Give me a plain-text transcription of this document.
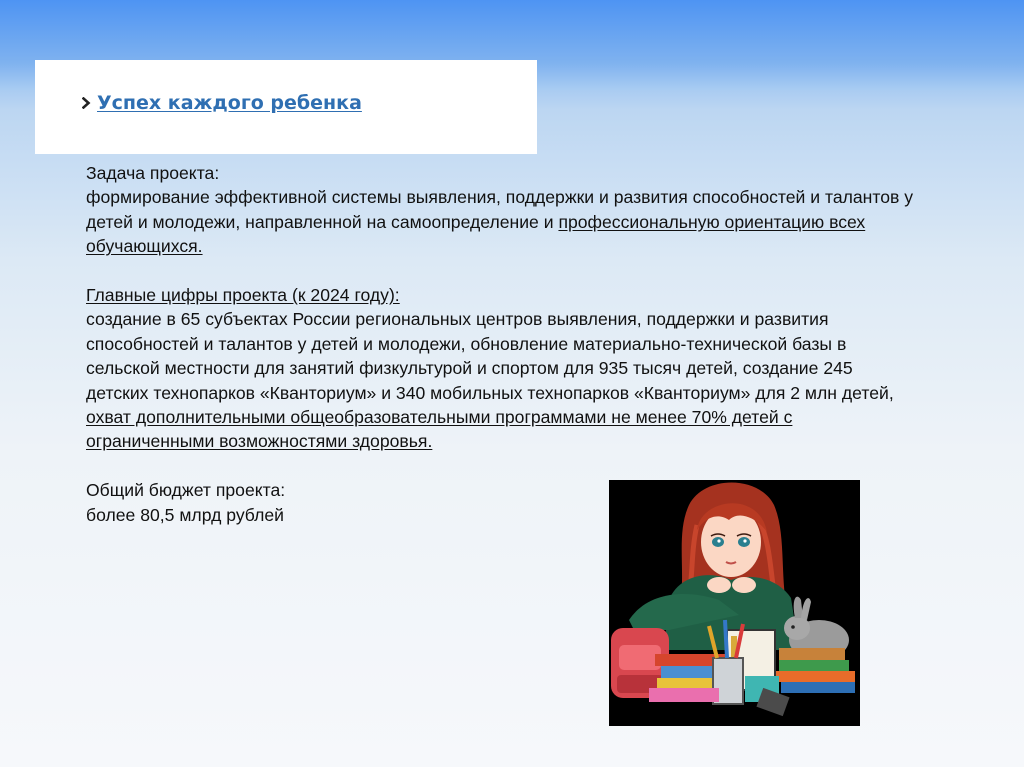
Успех каждого ребенка

Задача проекта:

формирование эффективной системы выявления, поддержки и развития способностей и талантов у детей и молодежи, направленной на самоопределение и профессиональную ориентацию всех обучающихся.

Главные цифры проекта (к 2024 году):

создание в 65 субъектах России региональных центров выявления, поддержки и развития способностей и талантов у детей и молодежи, обновление материально-технической базы в сельской местности для занятий физкультурой и спортом для 935 тысяч детей, создание 245 детских технопарков «Кванториум» и 340 мобильных технопарков «Кванториум» для 2 млн детей, охват дополнительными общеобразовательными программами не менее 70% детей с ограниченными возможностями здоровья.

Общий бюджет проекта:

более 80,5 млрд рублей
